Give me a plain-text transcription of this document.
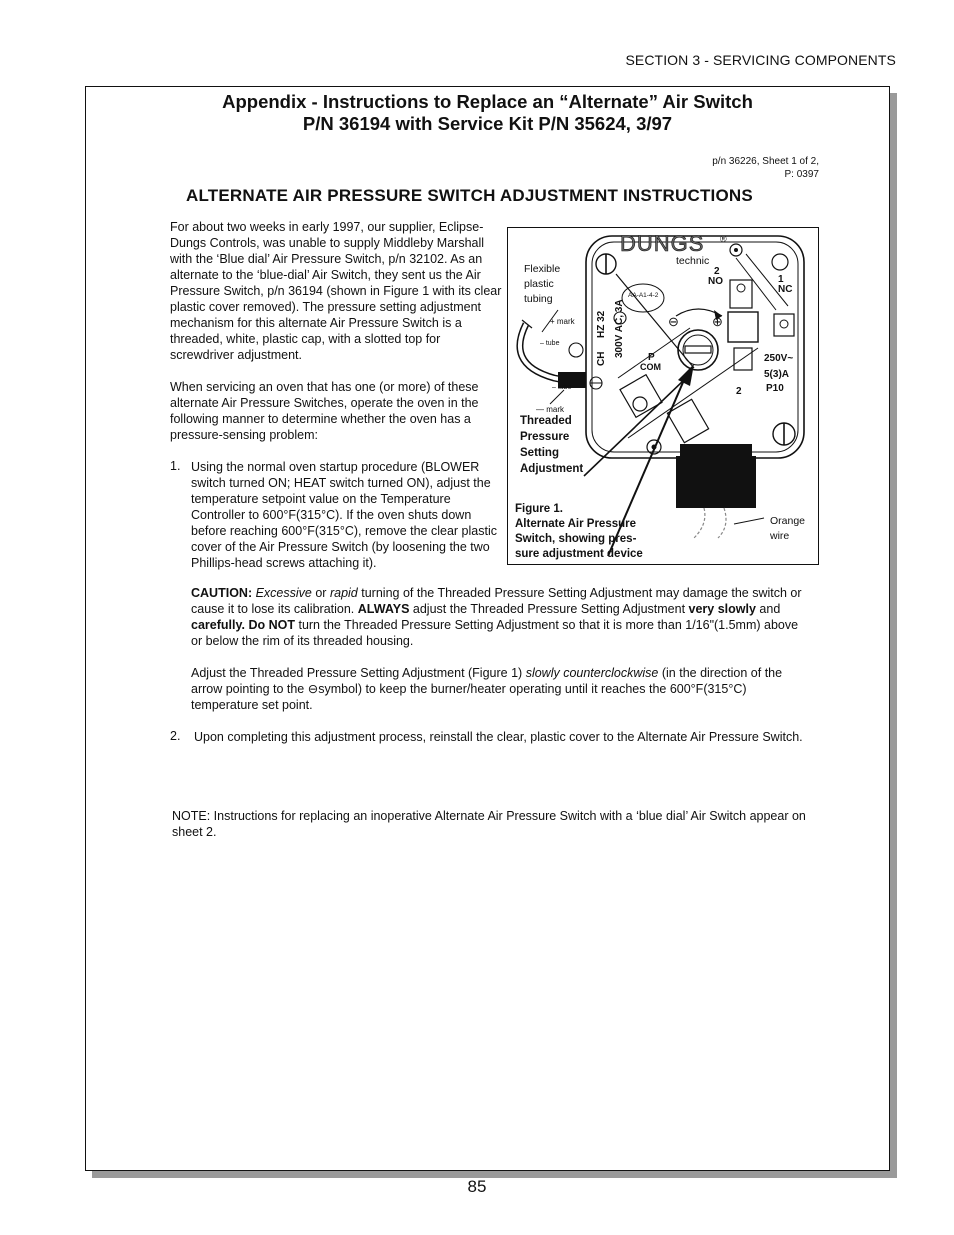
SECTION 3 - SERVICING COMPONENTS
Appendix - Instructions to Replace an “Alternate” Air Switch
P/N 36194 with Service Kit P/N 35624, 3/97
p/n 36226, Sheet 1 of 2,
P: 0397
ALTERNATE AIR PRESSURE SWITCH ADJUSTMENT INSTRUCTIONS

For about two weeks in early 1997, our supplier, Eclipse-Dungs Controls, was unable to supply Middleby Marshall with the ‘Blue dial’ Air Pressure Switch, p/n 32102. As an alternate to the ‘blue-dial’ Air Switch, they sent us the Air Pressure Switch, p/n 36194 (shown in Figure 1 with its clear plastic cover removed). The pressure setting adjustment mechanism for this alternate Air Pressure Switch is a threaded, white, plastic cap, with a slotted top for screwdriver adjustment.

When servicing an oven that has one (or more) of these alternate Air Pressure Switches, operate the oven in the following manner to determine whether the oven has a pressure-sensing problem:

1. Using the normal oven startup procedure (BLOWER switch turned ON; HEAT switch turned ON), adjust the temperature setpoint value on the Temperature Controller to 600°F(315°C). If the oven shuts down before reaching 600°F(315°C), remove the clear plastic cover of the Air Pressure Switch (by loosening the two Phillips-head screws attaching it).

CAUTION: Excessive or rapid turning of the Threaded Pressure Setting Adjustment may damage the switch or cause it to lose its calibration. ALWAYS adjust the Threaded Pressure Setting Adjustment very slowly and carefully. Do NOT turn the Threaded Pressure Setting Adjustment so that it is more than 1/16"(1.5mm) above or below the rim of its threaded housing.

Adjust the Threaded Pressure Setting Adjustment (Figure 1) slowly counterclockwise (in the direction of the arrow pointing to the ⊖symbol) to keep the burner/heater operating until it reaches the 600°F(315°C) temperature set point.

2. Upon completing this adjustment process, reinstall the clear, plastic cover to the Alternate Air Pressure Switch.

NOTE: Instructions for replacing an inoperative Alternate Air Pressure Switch with a ‘blue dial’ Air Switch appear on sheet 2.

DUNGS ®
technic
Flexible
plastic
tubing
+ mark
– tube
– tube
— mark
Threaded
Pressure
Setting
Adjustment
CH
HZ 32 300V AC, 3A
AA-A1-4-2
2
NO	1
NC
P
COM
250V~
5(3)A
P10
2
⊖	⊕
Figure 1.
Alternate Air Pressure
Switch, showing pres-
sure adjustment device
Orange
wire
85
